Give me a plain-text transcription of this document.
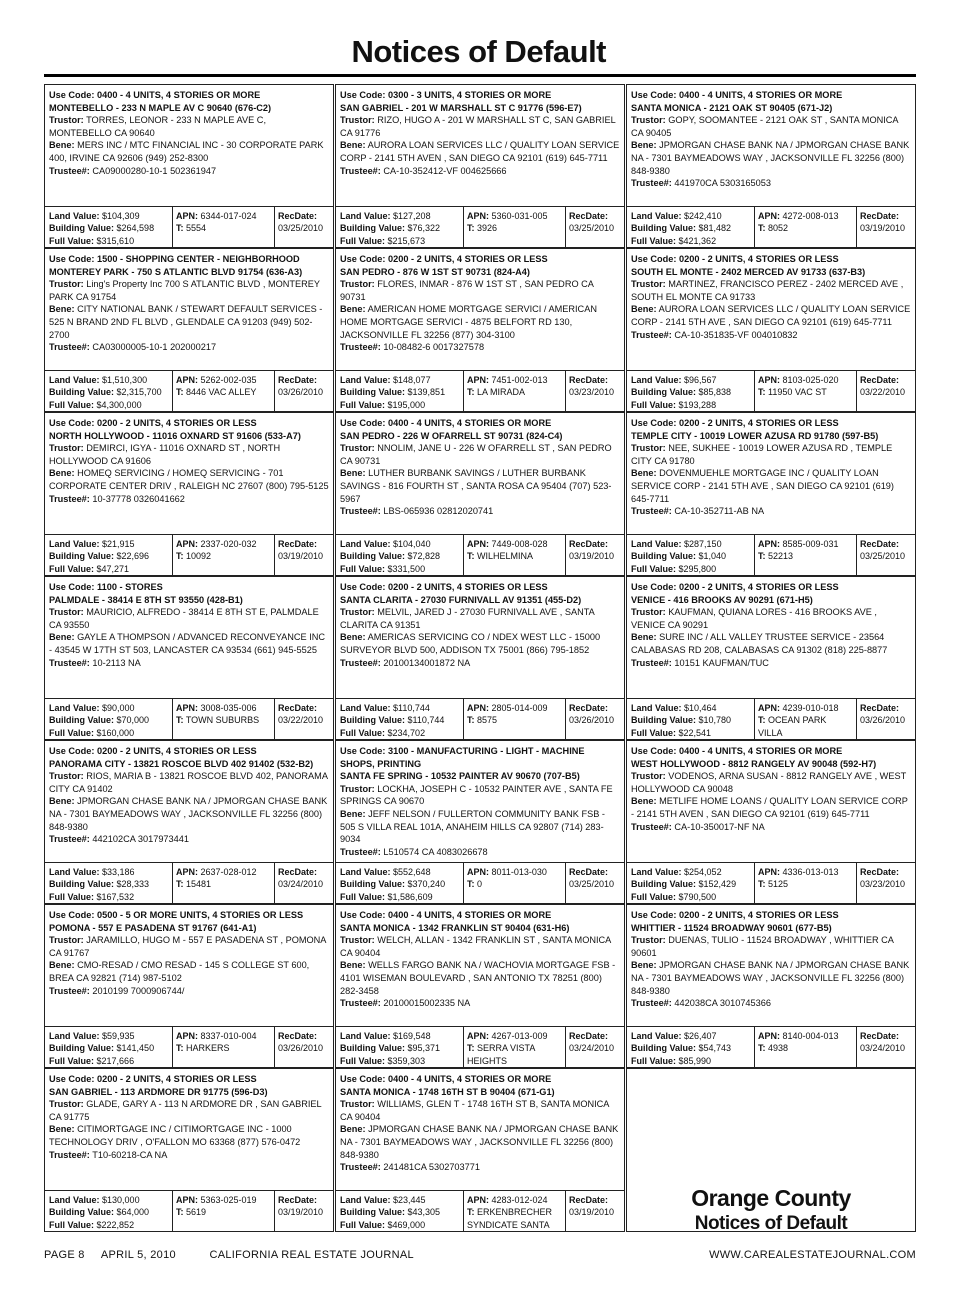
Notices of Default
Use Code: 0400 - 4 UNITS, 4 STORIES OR MORE
MONTEBELLO - 233 N MAPLE AV C 90640 (676-C2)
Trustor: TORRES, LEONOR - 233 N MAPLE AVE C, MONTEBELLO CA 90640
Bene: MERS INC / MTC FINANCIAL INC - 30 CORPORATE PARK 400, IRVINE CA 92606 (949) 252-8300
Trustee#: CA09000280-10-1 502361947
Land Value: $104,309
Building Value: $264,598
Full Value: $315,610
APN: 6344-017-024
T: 5554
RecDate:
03/25/2010
Use Code: 0300 - 3 UNITS, 4 STORIES OR MORE
SAN GABRIEL - 201 W MARSHALL ST C 91776 (596-E7)
Trustor: RIZO, HUGO A - 201 W MARSHALL ST C, SAN GABRIEL CA 91776
Bene: AURORA LOAN SERVICES LLC / QUALITY LOAN SERVICE CORP - 2141 5TH AVEN , SAN DIEGO CA 92101 (619) 645-7711
Trustee#: CA-10-352412-VF 004625666
Land Value: $127,208
Building Value: $76,322
Full Value: $215,673
APN: 5360-031-005
T: 3926
RecDate:
03/25/2010
Use Code: 0400 - 4 UNITS, 4 STORIES OR MORE
SANTA MONICA - 2121 OAK ST 90405 (671-J2)
Trustor: GOPY, SOOMANTEE - 2121 OAK ST , SANTA MONICA CA 90405
Bene: JPMORGAN CHASE BANK NA / JPMORGAN CHASE BANK NA - 7301 BAYMEADOWS WAY , JACKSONVILLE FL 32256 (800) 848-9380
Trustee#: 441970CA 5303165053
Land Value: $242,410
Building Value: $81,482
Full Value: $421,362
APN: 4272-008-013
T: 8052
RecDate:
03/19/2010
Use Code: 1500 - SHOPPING CENTER - NEIGHBORHOOD
MONTEREY PARK - 750 S ATLANTIC BLVD 91754 (636-A3)
Trustor: Ling's Property Inc 700 S ATLANTIC BLVD , MONTEREY PARK CA 91754
Bene: CITY NATIONAL BANK / STEWART DEFAULT SERVICES - 525 N BRAND 2ND FL BLVD , GLENDALE CA 91203 (949) 502-2700
Trustee#: CA03000005-10-1 202000217
Land Value: $1,510,300
Building Value: $2,315,700
Full Value: $4,300,000
APN: 5262-002-035
T: 8446 VAC ALLEY
RecDate:
03/26/2010
Use Code: 0200 - 2 UNITS, 4 STORIES OR LESS
SAN PEDRO - 876 W 1ST ST 90731 (824-A4)
Trustor: FLORES, INMAR - 876 W 1ST ST , SAN PEDRO CA 90731
Bene: AMERICAN HOME MORTGAGE SERVICI / AMERICAN HOME MORTGAGE SERVICI - 4875 BELFORT RD 130, JACKSONVILLE FL 32256 (877) 304-3100
Trustee#: 10-08482-6 0017327578
Land Value: $148,077
Building Value: $139,851
Full Value: $195,000
APN: 7451-002-013
T: LA MIRADA
RecDate:
03/23/2010
Use Code: 0200 - 2 UNITS, 4 STORIES OR LESS
SOUTH EL MONTE - 2402 MERCED AV 91733 (637-B3)
Trustor: MARTINEZ, FRANCISCO PEREZ - 2402 MERCED AVE , SOUTH EL MONTE CA 91733
Bene: AURORA LOAN SERVICES LLC / QUALITY LOAN SERVICE CORP - 2141 5TH AVE , SAN DIEGO CA 92101 (619) 645-7711
Trustee#: CA-10-351835-VF 004010832
Land Value: $96,567
Building Value: $85,838
Full Value: $193,288
APN: 8103-025-020
T: 11950 VAC ST
RecDate:
03/22/2010
Use Code: 0200 - 2 UNITS, 4 STORIES OR LESS
NORTH HOLLYWOOD - 11016 OXNARD ST 91606 (533-A7)
Trustor: DEMIRCI, IGYA - 11016 OXNARD ST , NORTH HOLLYWOOD CA 91606
Bene: HOMEQ SERVICING / HOMEQ SERVICING - 701 CORPORATE CENTER DRIV , RALEIGH NC 27607 (800) 795-5125
Trustee#: 10-37778 0326041662
Land Value: $21,915
Building Value: $22,696
Full Value: $47,271
APN: 2337-020-032
T: 10092
RecDate:
03/19/2010
Use Code: 0400 - 4 UNITS, 4 STORIES OR MORE
SAN PEDRO - 226 W OFARRELL ST 90731 (824-C4)
Trustor: NNOLIM, JANE U - 226 W OFARRELL ST , SAN PEDRO CA 90731
Bene: LUTHER BURBANK SAVINGS / LUTHER BURBANK SAVINGS - 816 FOURTH ST , SANTA ROSA CA 95404 (707) 523-5967
Trustee#: LBS-065936 02812020741
Land Value: $104,040
Building Value: $72,828
Full Value: $331,500
APN: 7449-008-028
T: WILHELMINA
RecDate:
03/19/2010
Use Code: 0200 - 2 UNITS, 4 STORIES OR LESS
TEMPLE CITY - 10019 LOWER AZUSA RD 91780 (597-B5)
Trustor: NEE, SUKHEE - 10019 LOWER AZUSA RD , TEMPLE CITY CA 91780
Bene: DOVENMUEHLE MORTGAGE INC / QUALITY LOAN SERVICE CORP - 2141 5TH AVE , SAN DIEGO CA 92101 (619) 645-7711
Trustee#: CA-10-352711-AB NA
Land Value: $287,150
Building Value: $1,040
Full Value: $295,800
APN: 8585-009-031
T: 52213
RecDate:
03/25/2010
Use Code: 1100 - STORES
PALMDALE - 38414 E 8TH ST 93550 (428-B1)
Trustor: MAURICIO, ALFREDO - 38414 E 8TH ST E, PALMDALE CA 93550
Bene: GAYLE A THOMPSON / ADVANCED RECONVEYANCE INC - 43545 W 17TH ST 503, LANCASTER CA 93534 (661) 945-5525
Trustee#: 10-2113 NA
Land Value: $90,000
Building Value: $70,000
Full Value: $160,000
APN: 3008-035-006
T: TOWN SUBURBS
RecDate:
03/22/2010
Use Code: 0200 - 2 UNITS, 4 STORIES OR LESS
SANTA CLARITA - 27030 FURNIVALL AV 91351 (455-D2)
Trustor: MELVIL, JARED J - 27030 FURNIVALL AVE , SANTA CLARITA CA 91351
Bene: AMERICAS SERVICING CO / NDEX WEST LLC - 15000 SURVEYOR BLVD 500, ADDISON TX 75001 (866) 795-1852
Trustee#: 20100134001872 NA
Land Value: $110,744
Building Value: $110,744
Full Value: $234,702
APN: 2805-014-009
T: 8575
RecDate:
03/26/2010
Use Code: 0200 - 2 UNITS, 4 STORIES OR LESS
VENICE - 416 BROOKS AV 90291 (671-H5)
Trustor: KAUFMAN, QUIANA LORES - 416 BROOKS AVE , VENICE CA 90291
Bene: SURE INC / ALL VALLEY TRUSTEE SERVICE - 23564 CALABASAS RD 208, CALABASAS CA 91302 (818) 225-8877
Trustee#: 10151 KAUFMAN/TUC
Land Value: $10,464
Building Value: $10,780
Full Value: $22,541
APN: 4239-010-018
T: OCEAN PARK VILLA
RecDate:
03/26/2010
Use Code: 0200 - 2 UNITS, 4 STORIES OR LESS
PANORAMA CITY - 13821 ROSCOE BLVD 402 91402 (532-B2)
Trustor: RIOS, MARIA B - 13821 ROSCOE BLVD 402, PANORAMA CITY CA 91402
Bene: JPMORGAN CHASE BANK NA / JPMORGAN CHASE BANK NA - 7301 BAYMEADOWS WAY , JACKSONVILLE FL 32256 (800) 848-9380
Trustee#: 442102CA 3017973441
Land Value: $33,186
Building Value: $28,333
Full Value: $167,532
APN: 2637-028-012
T: 15481
RecDate:
03/24/2010
Use Code: 3100 - MANUFACTURING - LIGHT - MACHINE SHOPS, PRINTING
SANTA FE SPRING - 10532 PAINTER AV 90670 (707-B5)
Trustor: LOCKHA, JOSEPH C - 10532 PAINTER AVE , SANTA FE SPRINGS CA 90670
Bene: JEFF NELSON / FULLERTON COMMUNITY BANK FSB - 505 S VILLA REAL 101A, ANAHEIM HILLS CA 92807 (714) 283-9034
Trustee#: L510574 CA 4083026678
Land Value: $552,648
Building Value: $370,240
Full Value: $1,586,609
APN: 8011-013-030
T: 0
RecDate:
03/25/2010
Use Code: 0400 - 4 UNITS, 4 STORIES OR MORE
WEST HOLLYWOOD - 8812 RANGELY AV 90048 (592-H7)
Trustor: VODENOS, ARNA SUSAN - 8812 RANGELY AVE , WEST HOLLYWOOD CA 90048
Bene: METLIFE HOME LOANS / QUALITY LOAN SERVICE CORP - 2141 5TH AVEN , SAN DIEGO CA 92101 (619) 645-7711
Trustee#: CA-10-350017-NF NA
Land Value: $254,052
Building Value: $152,429
Full Value: $790,500
APN: 4336-013-013
T: 5125
RecDate:
03/23/2010
Use Code: 0500 - 5 OR MORE UNITS, 4 STORIES OR LESS
POMONA - 557 E PASADENA ST 91767 (641-A1)
Trustor: JARAMILLO, HUGO M - 557 E PASADENA ST , POMONA CA 91767
Bene: CMO-RESAD / CMO RESAD - 145 S COLLEGE ST 600, BREA CA 92821 (714) 987-5102
Trustee#: 2010199 7000906744/
Land Value: $59,935
Building Value: $141,450
Full Value: $217,666
APN: 8337-010-004
T: HARKERS
RecDate:
03/26/2010
Use Code: 0400 - 4 UNITS, 4 STORIES OR MORE
SANTA MONICA - 1342 FRANKLIN ST 90404 (631-H6)
Trustor: WELCH, ALLAN - 1342 FRANKLIN ST , SANTA MONICA CA 90404
Bene: WELLS FARGO BANK NA / WACHOVIA MORTGAGE FSB - 4101 WISEMAN BOULEVARD , SAN ANTONIO TX 78251 (800) 282-3458
Trustee#: 20100015002335 NA
Land Value: $169,548
Building Value: $95,371
Full Value: $359,303
APN: 4267-013-009
T: SERRA VISTA HEIGHTS
RecDate:
03/24/2010
Use Code: 0200 - 2 UNITS, 4 STORIES OR LESS
WHITTIER - 11524 BROADWAY 90601 (677-B5)
Trustor: DUENAS, TULIO - 11524 BROADWAY , WHITTIER CA 90601
Bene: JPMORGAN CHASE BANK NA / JPMORGAN CHASE BANK NA - 7301 BAYMEADOWS WAY , JACKSONVILLE FL 32256 (800) 848-9380
Trustee#: 442038CA 3010745366
Land Value: $26,407
Building Value: $54,743
Full Value: $85,990
APN: 8140-004-013
T: 4938
RecDate:
03/24/2010
Use Code: 0200 - 2 UNITS, 4 STORIES OR LESS
SAN GABRIEL - 113 ARDMORE DR 91775 (596-D3)
Trustor: GLADE, GARY A - 113 N ARDMORE DR , SAN GABRIEL CA 91775
Bene: CITIMORTGAGE INC / CITIMORTGAGE INC - 1000 TECHNOLOGY DRIV , O'FALLON MO 63368 (877) 576-0472
Trustee#: T10-60218-CA NA
Land Value: $130,000
Building Value: $64,000
Full Value: $222,852
APN: 5363-025-019
T: 5619
RecDate:
03/19/2010
Use Code: 0400 - 4 UNITS, 4 STORIES OR MORE
SANTA MONICA - 1748 16TH ST B 90404 (671-G1)
Trustor: WILLIAMS, GLEN T - 1748 16TH ST B, SANTA MONICA CA 90404
Bene: JPMORGAN CHASE BANK NA / JPMORGAN CHASE BANK NA - 7301 BAYMEADOWS WAY , JACKSONVILLE FL 32256 (800) 848-9380
Trustee#: 241481CA 5302703771
Land Value: $23,445
Building Value: $43,305
Full Value: $469,000
APN: 4283-012-024
T: ERKENBRECHER SYNDICATE SANTA
RecDate:
03/19/2010
Orange County
Notices of Default
PAGE 8     APRIL 5, 2010          CALIFORNIA REAL ESTATE JOURNAL	WWW.CAREALESTATEJOURNAL.COM
